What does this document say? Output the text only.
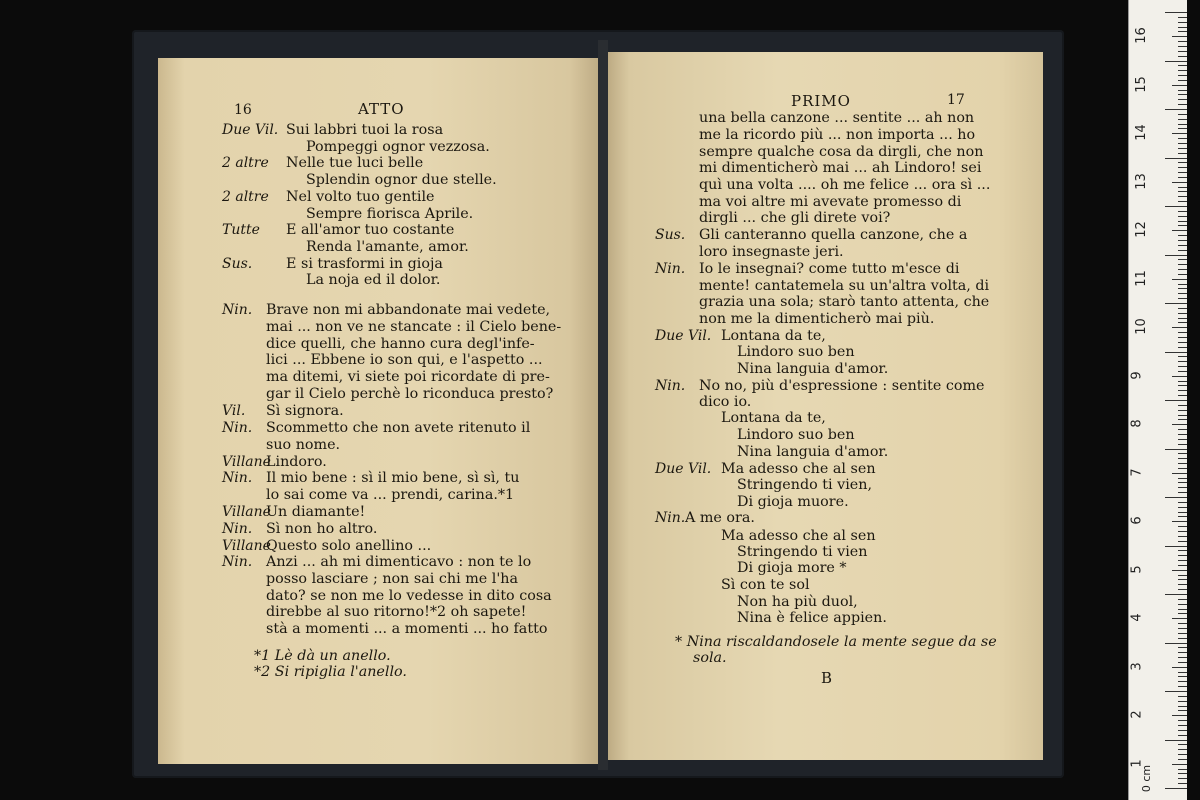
16	ATTO
Due Vil. Sui labbri tuoi la rosa
Pompeggi ognor vezzosa.
2 altre Nelle tue luci belle
Splendin ognor due stelle.
2 altre Nel volto tuo gentile
Sempre fiorisca Aprile.
Tutte E all'amor tuo costante
Renda l'amante, amor.
Sus. E si trasformi in gioja
La noja ed il dolor.
Nin. Brave non mi abbandonate mai vedete,
mai ... non ve ne stancate : il Cielo bene-
dice quelli, che hanno cura degl'infe-
lici ... Ebbene io son qui, e l'aspetto ...
ma ditemi, vi siete poi ricordate di pre-
gar il Cielo perchè lo riconduca presto?
Vil. Sì signora.
Nin. Scommetto che non avete ritenuto il
suo nome.
Villane
Lindoro.
Nin. Il mio bene : sì il mio bene, sì sì, tu
lo sai come va ... prendi, carina.*1
Villane
Un diamante!
Nin. Sì non ho altro.
Villane
Questo solo anellino ...
Nin. Anzi ... ah mi dimenticavo : non te lo
posso lasciare ; non sai chi me l'ha
dato? se non me lo vedesse in dito cosa
direbbe al suo ritorno!*2 oh sapete!
stà a momenti ... a momenti ... ho fatto
*1 Lè dà un anello.
*2 Si ripiglia l'anello.
PRIMO	17
B
una bella canzone ... sentite ... ah non
me la ricordo più ... non importa ... ho
sempre qualche cosa da dirgli, che non
mi dimenticherò mai ... ah Lindoro! sei
quì una volta .... oh me felice ... ora sì ...
ma voi altre mi avevate promesso di
dirgli ... che gli direte voi?
Sus. Gli canteranno quella canzone, che a
loro insegnaste jeri.
Nin. Io le insegnai? come tutto m'esce di
mente! cantatemela su un'altra volta, di
grazia una sola; starò tanto attenta, che
non me la dimenticherò mai più.
Due Vil. Lontana da te,
Lindoro suo ben
Nina languia d'amor.
Nin. No no, più d'espressione : sentite come
dico io.
Lontana da te,
Lindoro suo ben
Nina languia d'amor.
Due Vil. Ma adesso che al sen
Stringendo ti vien,
Di gioja muore.
Nin. A me ora.
Ma adesso che al sen
Stringendo ti vien
Di gioja more *
Sì con te sol
Non ha più duol,
Nina è felice appien.
* Nina riscaldandosele la mente segue da se
sola.
16
15
14
13
12
11
10
9
8
7
6
5
4
3
2
1
0 cm
